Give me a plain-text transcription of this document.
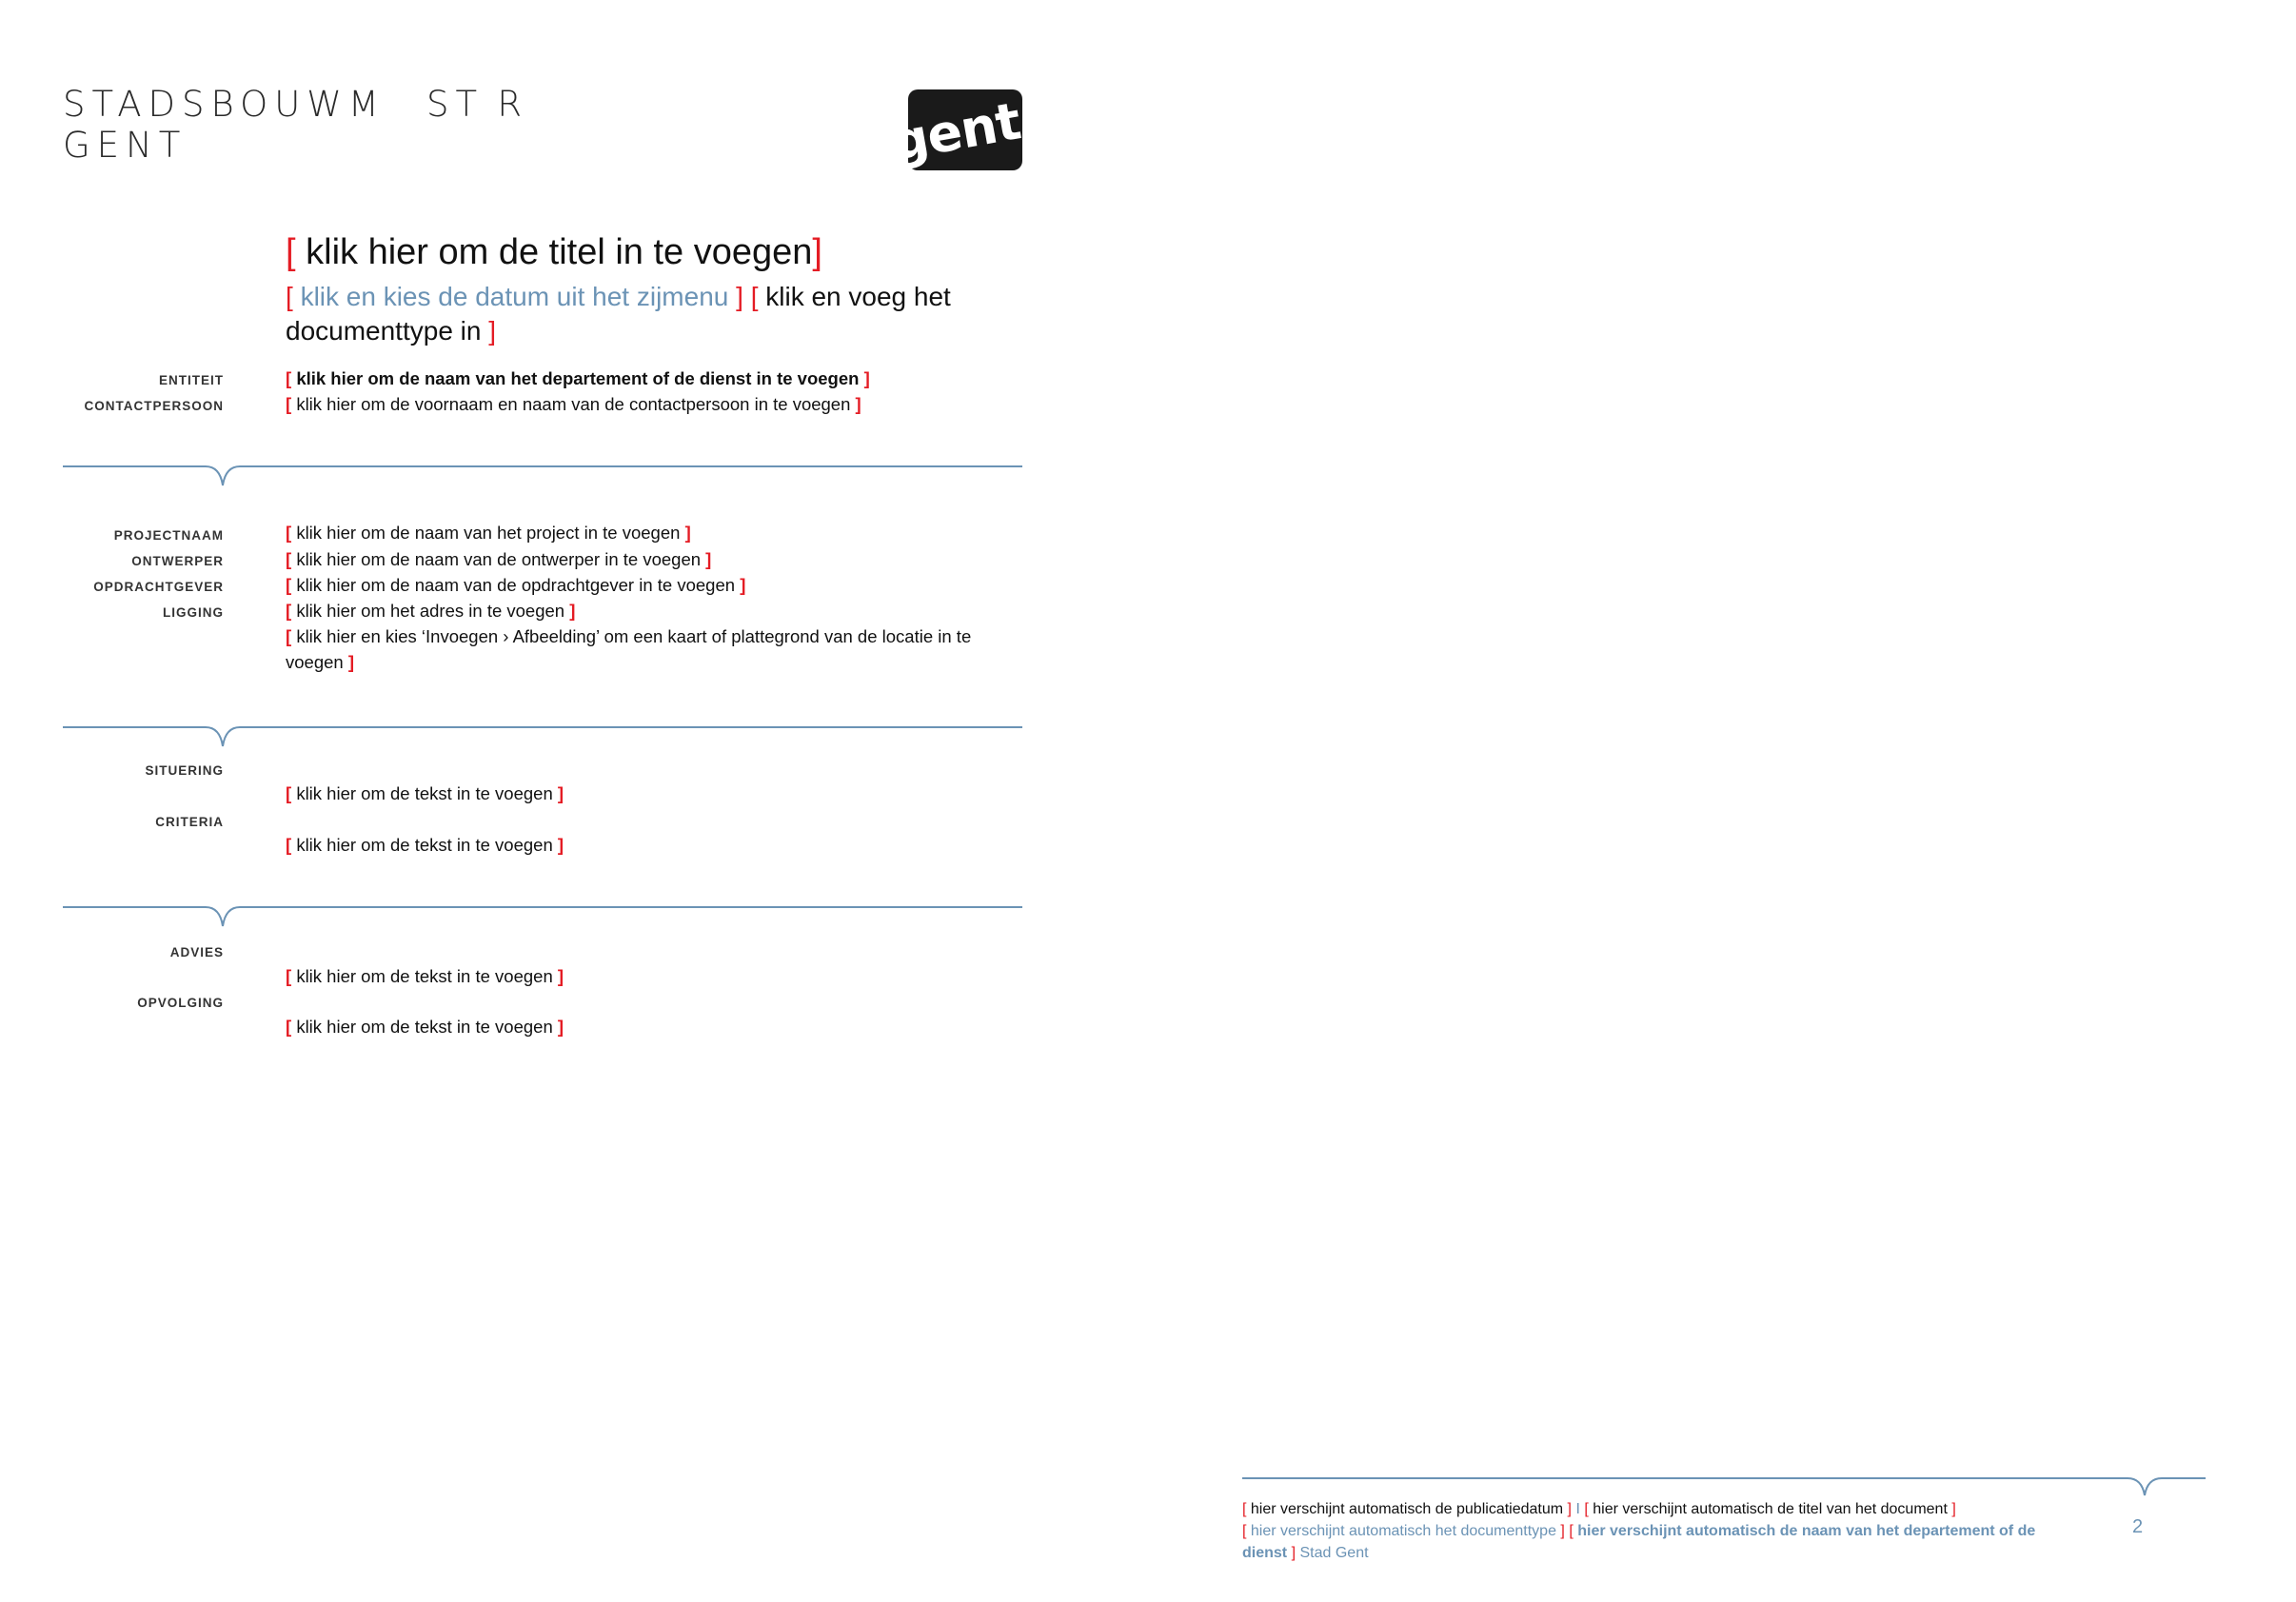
STADSBOUWM   ST R
GENT	gent:
[ klik hier om de titel in te voegen]
[ klik en kies de datum uit het zijmenu ] [ klik en voeg het documenttype in ]
ENTITEIT	[ klik hier om de naam van het departement of de dienst in te voegen ]
CONTACTPERSOON	[ klik hier om de voornaam en naam van de contactpersoon in te voegen ]
PROJECTNAAM	[ klik hier om de naam van het project in te voegen ]
ONTWERPER	[ klik hier om de naam van de ontwerper in te voegen ]
OPDRACHTGEVER	[ klik hier om de naam van de opdrachtgever in te voegen ]
LIGGING	[ klik hier om het adres in te voegen ]
[ klik hier en kies ‘Invoegen › Afbeelding’ om een kaart of plattegrond van de locatie in te voegen ]
SITUERING
[ klik hier om de tekst in te voegen ]
CRITERIA
[ klik hier om de tekst in te voegen ]
ADVIES
[ klik hier om de tekst in te voegen ]
OPVOLGING
[ klik hier om de tekst in te voegen ]
[ hier verschijnt automatisch de publicatiedatum ] I [ hier verschijnt automatisch de titel van het document ]
[ hier verschijnt automatisch het documenttype ] [ hier verschijnt automatisch de naam van het departement of de dienst ] Stad Gent
2
